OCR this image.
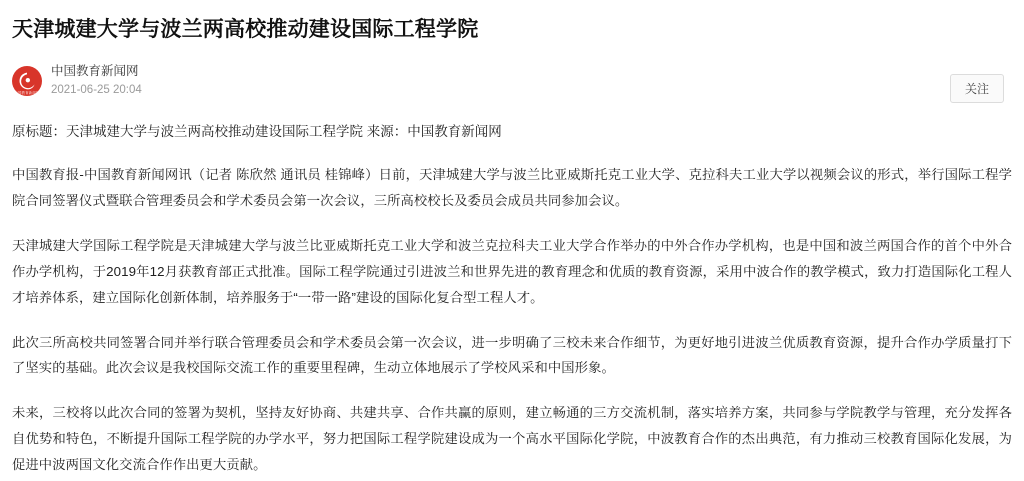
天津城建大学与波兰两高校推动建设国际工程学院
中国教育新闻网
中国教育新闻网
2021-06-25 20:04	关注
原标题：天津城建大学与波兰两高校推动建设国际工程学院 来源：中国教育新闻网

中国教育报-中国教育新闻网讯（记者 陈欣然 通讯员 桂锦峰）日前，天津城建大学与波兰比亚威斯托克工业大学、克拉科夫工业大学以视频会议的形式，举行国际工程学院合同签署仪式暨联合管理委员会和学术委员会第一次会议，三所高校校长及委员会成员共同参加会议。

天津城建大学国际工程学院是天津城建大学与波兰比亚威斯托克工业大学和波兰克拉科夫工业大学合作举办的中外合作办学机构，也是中国和波兰两国合作的首个中外合作办学机构，于2019年12月获教育部正式批准。国际工程学院通过引进波兰和世界先进的教育理念和优质的教育资源，采用中波合作的教学模式，致力打造国际化工程人才培养体系，建立国际化创新体制，培养服务于“一带一路”建设的国际化复合型工程人才。

此次三所高校共同签署合同并举行联合管理委员会和学术委员会第一次会议，进一步明确了三校未来合作细节，为更好地引进波兰优质教育资源，提升合作办学质量打下了坚实的基础。此次会议是我校国际交流工作的重要里程碑，生动立体地展示了学校风采和中国形象。

未来，三校将以此次合同的签署为契机，坚持友好协商、共建共享、合作共赢的原则，建立畅通的三方交流机制，落实培养方案，共同参与学院教学与管理，充分发挥各自优势和特色，不断提升国际工程学院的办学水平，努力把国际工程学院建设成为一个高水平国际化学院，中波教育合作的杰出典范，有力推动三校教育国际化发展，为促进中波两国文化交流合作作出更大贡献。
